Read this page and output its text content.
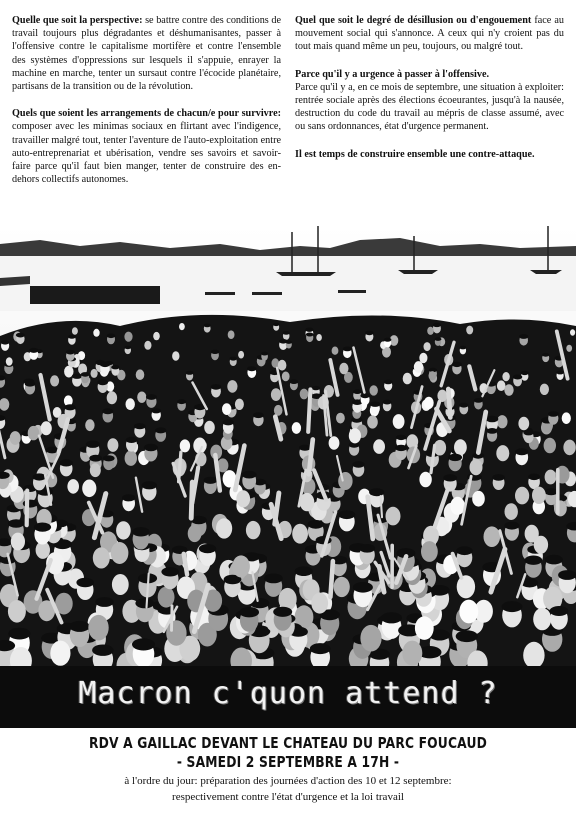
Quelle que soit la perspective: se battre contre des conditions de travail toujours plus dégradantes et déshumanisantes, passer à l'offensive contre le capitalisme mortifère et contre l'ensemble des systèmes d'oppressions sur lesquels il s'appuie, enrayer la machine en marche, tenter un sursaut contre l'écocide planétaire, partisans de la transition ou de la révolution.

Quels que soient les arrangements de chacun/e pour survivre: composer avec les minimas sociaux en flirtant avec l'indigence, travailler malgré tout, tenter l'aventure de l'auto-exploitation entre auto-entreprenariat et ubérisation, vendre ses savoirs et savoir-faire parce qu'il faut bien manger, tenter de construire des en-dehors collectifs autonomes.

Quel que soit le degré de désillusion ou d'engouement face au mouvement social qui s'annonce. A ceux qui n'y croient pas du tout mais quand même un peu, toujours, ou malgré tout.

Parce qu'il y a urgence à passer à l'offensive.
Parce qu'il y a, en ce mois de septembre, une situation à exploiter: rentrée sociale après des élections écoeurantes, jusqu'à la nausée, destruction du code du travail au mépris de classe assumé, avec ou sans ordonnances, état d'urgence permanent.

Il est temps de construire ensemble une contre-attaque.

Macron c'quon attend ?
RDV A GAILLAC DEVANT LE CHATEAU DU PARC FOUCAUD
- SAMEDI 2 SEPTEMBRE A 17H -
à l'ordre du jour: préparation des journées d'action des 10 et 12 septembre:
respectivement contre l'état d'urgence et la loi travail
